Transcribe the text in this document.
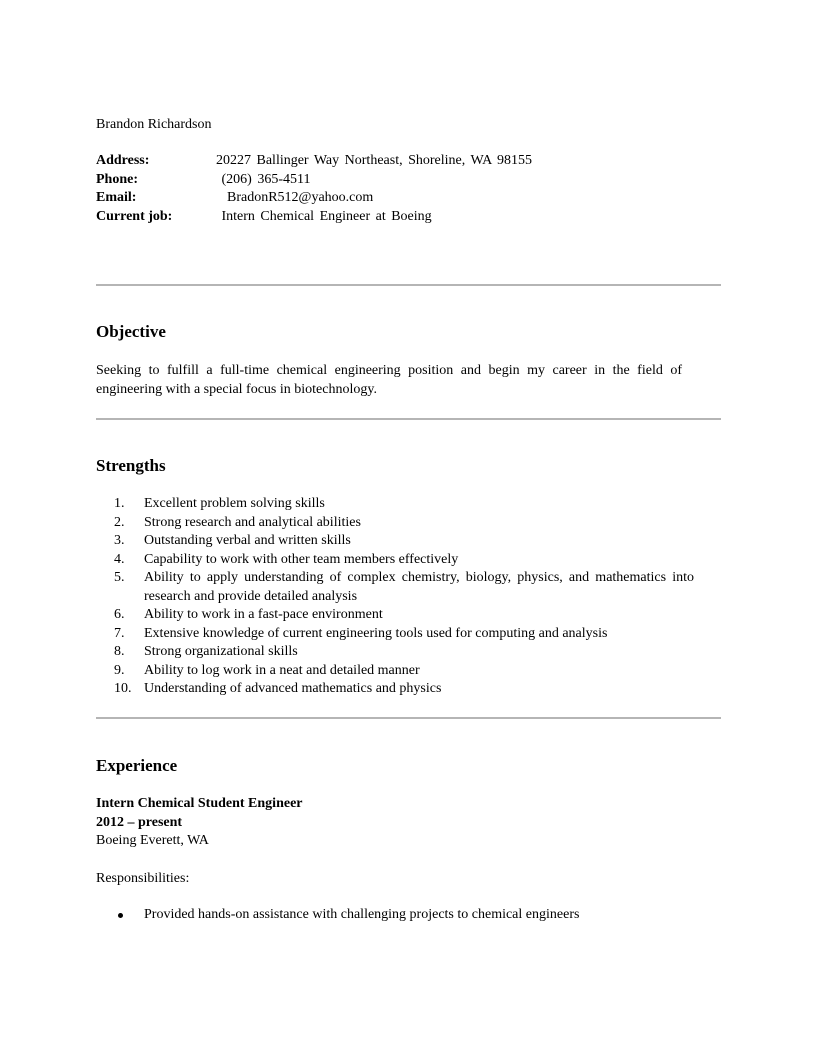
Brandon Richardson
Address:	20227 Ballinger Way Northeast, Shoreline, WA 98155
Phone:	(206) 365-4511
Email:	BradonR512@yahoo.com
Current job:	Intern Chemical Engineer at Boeing
Objective
Seeking to fulfill a full-time chemical engineering position and begin my career in the field of engineering with a special focus in biotechnology.
Strengths
1.	Excellent problem solving skills
2.	Strong research and analytical abilities
3.	Outstanding verbal and written skills
4.	Capability to work with other team members effectively
5.	Ability to apply understanding of complex chemistry, biology, physics, and mathematics into research and provide detailed analysis
6.	Ability to work in a fast-pace environment
7.	Extensive knowledge of current engineering tools used for computing and analysis
8.	Strong organizational skills
9.	Ability to log work in a neat and detailed manner
10. Understanding of advanced mathematics and physics
Experience
Intern Chemical Student Engineer
2012 – present
Boeing Everett, WA
Responsibilities:
Provided hands-on assistance with challenging projects to chemical engineers
